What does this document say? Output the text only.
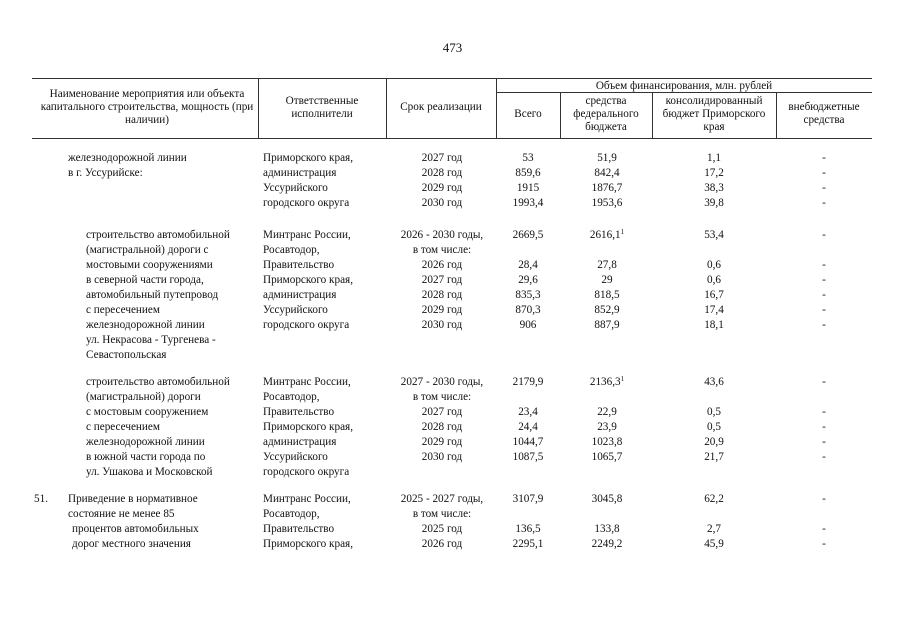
473
Наименование мероприятия или объекта капитального строительства, мощность (при наличии)
Ответственные исполнители
Срок реализации
Объем финансирования, млн. рублей
Всего
средства федерального бюджета
консолидированный бюджет Приморского края
внебюджетные средства
железнодорожной линии
в г. Уссурийске:
Приморского края,
администрация
Уссурийского
городского округа
2027 год
2028 год
2029 год
2030 год
53
859,6
1915
1993,4
51,9
842,4
1876,7
1953,6
1,1
17,2
38,3
39,8
-
-
-
-
строительство автомобильной
(магистральной) дороги с
мостовыми сооружениями
в северной части города,
автомобильный путепровод
с пересечением
железнодорожной линии
ул. Некрасова - Тургенева -
Севастопольская
Минтранс России,
Росавтодор,
Правительство
Приморского края,
администрация
Уссурийского
городского округа
2026 - 2030 годы,
в том числе:
2026 год
2027 год
2028 год
2029 год
2030 год
2669,5
28,4
29,6
835,3
870,3
906
2616,1$^1$
27,8
29
818,5
852,9
887,9
53,4
0,6
0,6
16,7
17,4
18,1
-
-
-
-
-
-
строительство автомобильной
(магистральной) дороги
с мостовым сооружением
с пересечением
железнодорожной линии
в южной части города по
ул. Ушакова и Московской
Минтранс России,
Росавтодор,
Правительство
Приморского края,
администрация
Уссурийского
городского округа
2027 - 2030 годы,
в том числе:
2027 год
2028 год
2029 год
2030 год
2179,9
23,4
24,4
1044,7
1087,5
2136,3$^1$
22,9
23,9
1023,8
1065,7
43,6
0,5
0,5
20,9
21,7
-
-
-
-
-
51.	Приведение в нормативное
состояние не менее 85
процентов автомобильных
дорог местного значения
Минтранс России,
Росавтодор,
Правительство
Приморского края,
2025 - 2027 годы,
в том числе:
2025 год
2026 год
3107,9
136,5
2295,1
3045,8
133,8
2249,2
62,2
2,7
45,9
-
-
-
